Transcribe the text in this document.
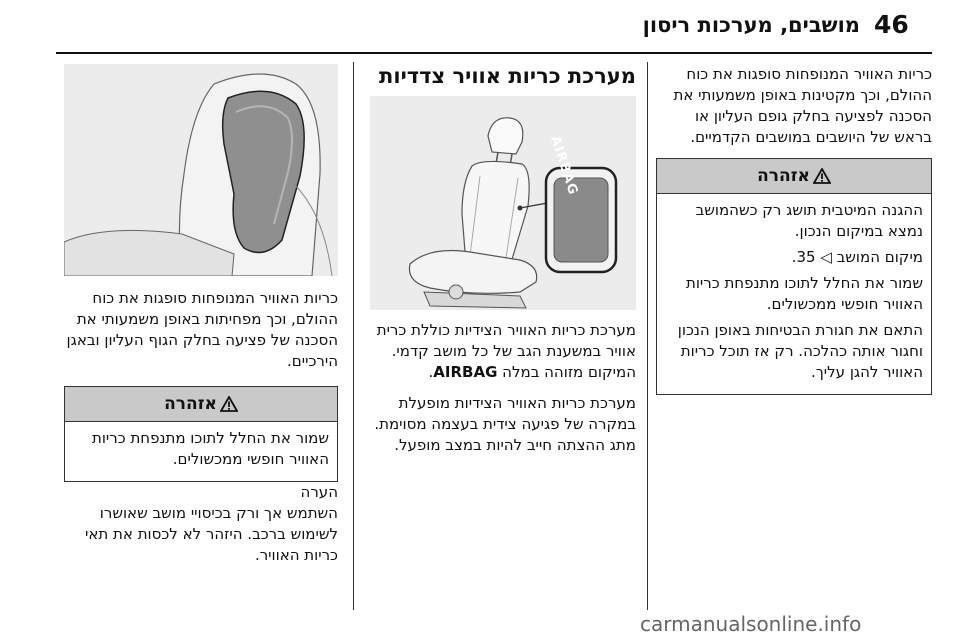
46
מושבים, מערכות ריסון

כריות האוויר המנופחות סופגות את כוח ההולם, וכך מקטינות באופן משמעותי את הסכנה לפציעה בחלק גופם העליון או בראש של היושבים במושבים הקדמיים.

אזהרה

ההגנה המיטבית תושג רק כשהמושב נמצא במיקום הנכון.

מיקום המושב ◁ 35.

שמור את החלל לתוכו מתנפחת כריות האוויר חופשי ממכשולים.

התאם את חגורת הבטיחות באופן הנכון וחגור אותה כהלכה. רק אז תוכל כריות האוויר להגן עליך.

מערכת כריות אוויר צדדיות
AIRBAG

מערכת כריות האוויר הצידיות כוללת כרית

אוויר במשענת הגב של כל מושב קדמי.

המיקום מזוהה במלה AIRBAG.

מערכת כריות האוויר הצידיות מופעלת במקרה של פגיעה צידית בעצמה מסוימת. מתג ההצתה חייב להיות במצב מופעל.

כריות האוויר המנופחות סופגות את כוח ההולם, וכך מפחיתות באופן משמעותי את הסכנה של פציעה בחלק הגוף העליון ובאגן הירכיים.

אזהרה

שמור את החלל לתוכו מתנפחת כריות האוויר חופשי ממכשולים.

הערה

השתמש אך ורק בכיסויי מושב שאושרו לשימוש ברכב. היזהר לא לכסות את תאי כריות האוויר.

carmanualsonline.info
